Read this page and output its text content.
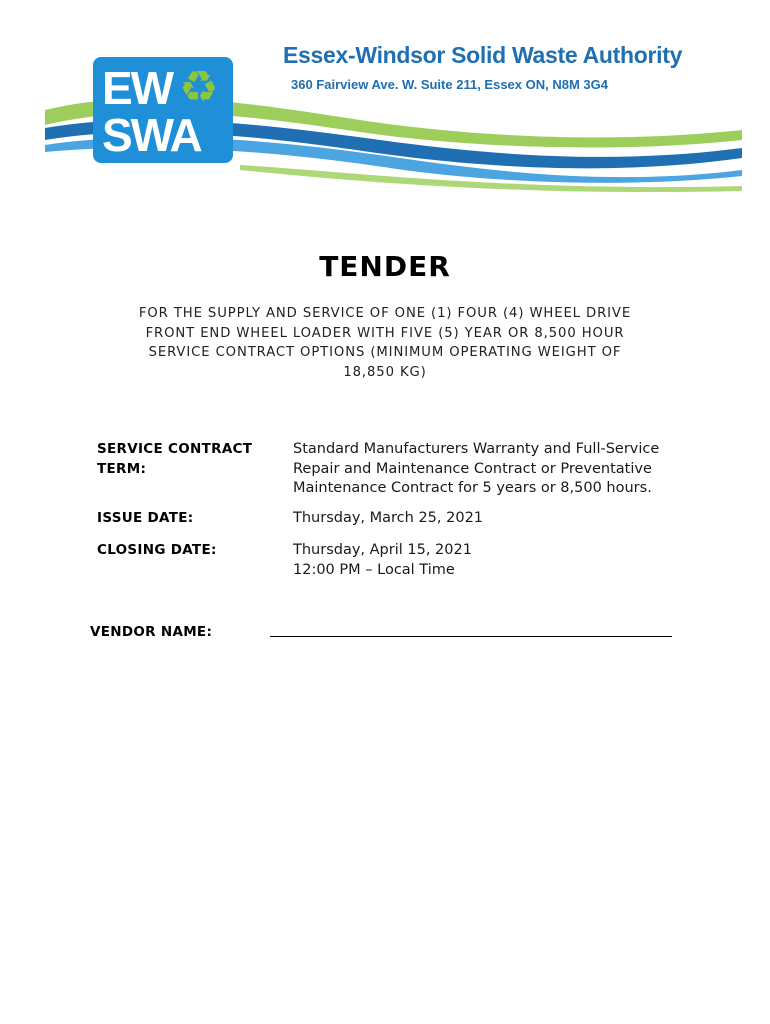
EW ♻
SWA
Essex-Windsor Solid Waste Authority
360 Fairview Ave. W. Suite 211, Essex ON, N8M 3G4
TENDER
FOR THE SUPPLY AND SERVICE OF ONE (1) FOUR (4) WHEEL DRIVE
FRONT END WHEEL LOADER WITH FIVE (5) YEAR OR 8,500 HOUR
SERVICE CONTRACT OPTIONS (MINIMUM OPERATING WEIGHT OF
18,850 KG)
SERVICE CONTRACT
TERM:
Standard Manufacturers Warranty and Full-Service
Repair and Maintenance Contract or Preventative
Maintenance Contract for 5 years or 8,500 hours.
ISSUE DATE:	Thursday, March 25, 2021
CLOSING DATE:	Thursday, April 15, 2021
12:00 PM – Local Time
VENDOR NAME:
